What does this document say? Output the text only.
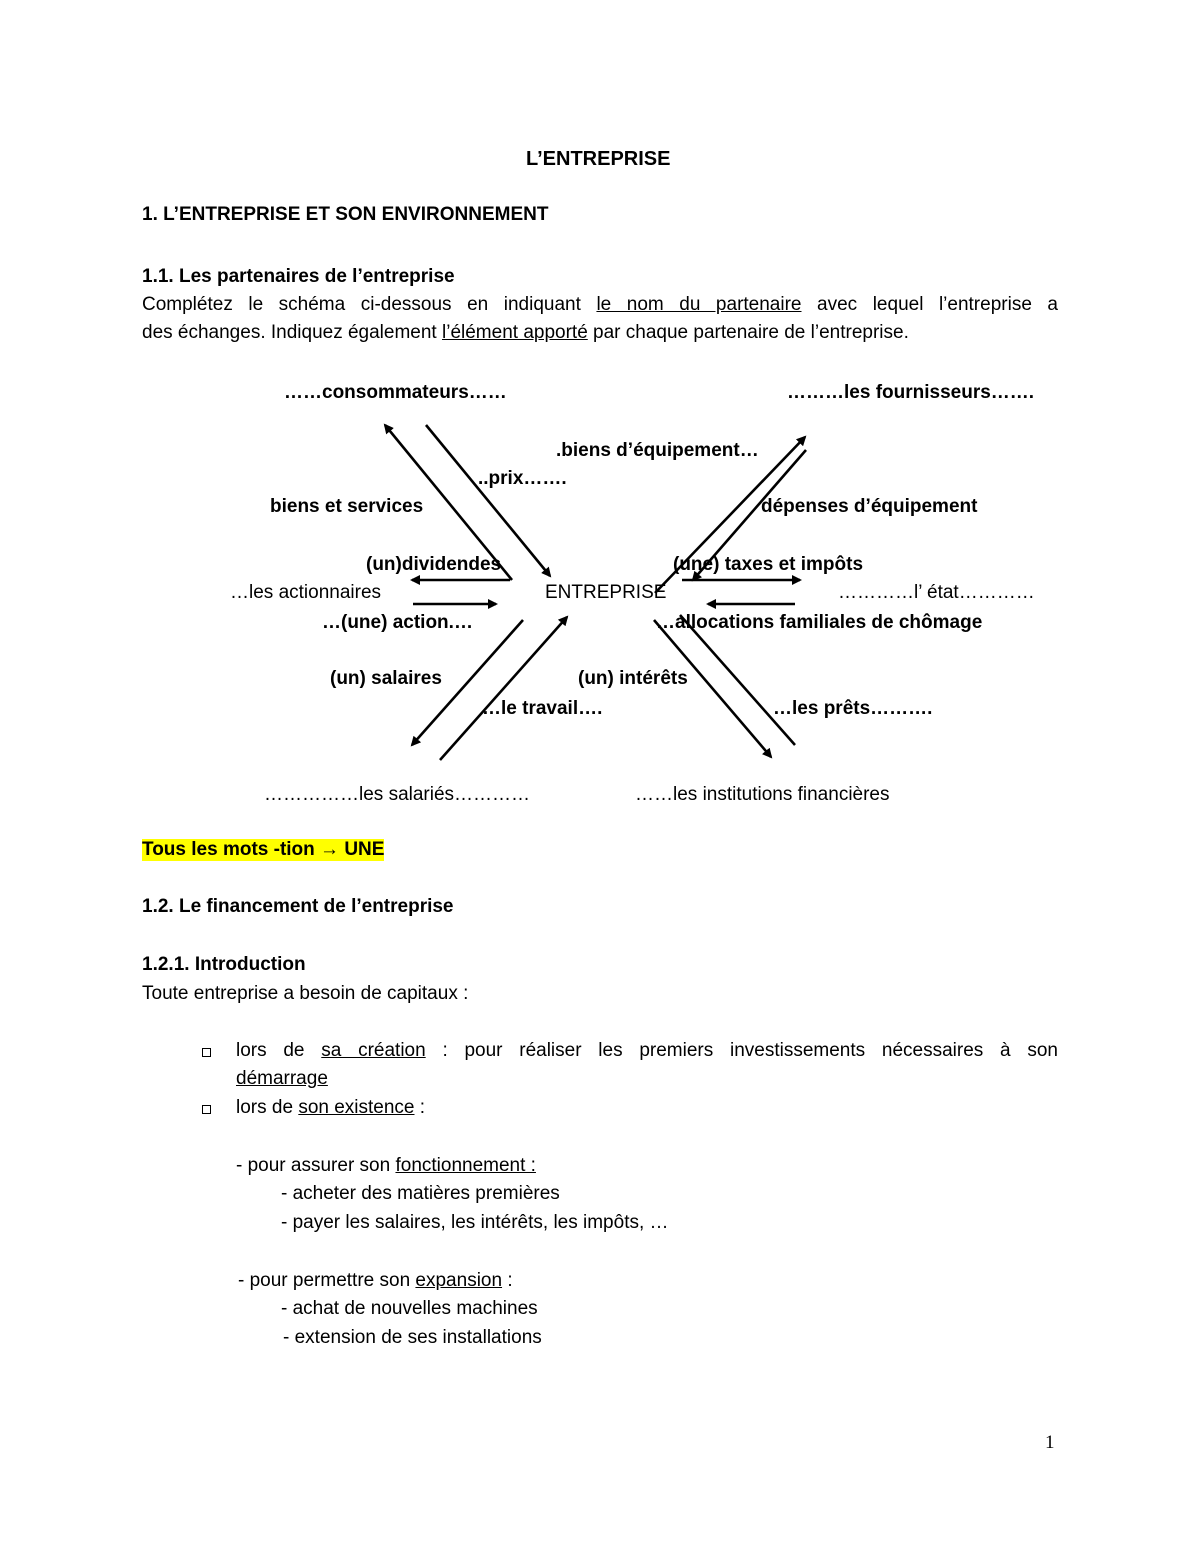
L’ENTREPRISE
1. L’ENTREPRISE ET SON ENVIRONNEMENT
1.1. Les partenaires de l’entreprise
Complétez le schéma ci-dessous en indiquant le nom du partenaire avec lequel l’entreprise a
des échanges. Indiquez également l’élément apporté par chaque partenaire de l’entreprise.
……consommateurs……	………les fournisseurs…….
.biens d’équipement…
..prix…….
biens et services	dépenses d’équipement
(un)dividendes	(une) taxes et impôts
…les actionnaires	ENTREPRISE	…………l’ état…………
…(une) action.…	…allocations familiales de chômage
(un) salaires	(un) intérêts
…le travail….	…les prêts……….
……………les salariés…………	……les institutions financières
Tous les mots -tion → UNE
1.2. Le financement de l’entreprise
1.2.1. Introduction
Toute entreprise a besoin de capitaux :
lors de sa création : pour réaliser les premiers investissements nécessaires à son
démarrage
lors de son existence :
- pour assurer son fonctionnement :
- acheter des matières premières
- payer les salaires, les intérêts, les impôts, …
- pour permettre son expansion :
- achat de nouvelles machines
- extension de ses installations
1
